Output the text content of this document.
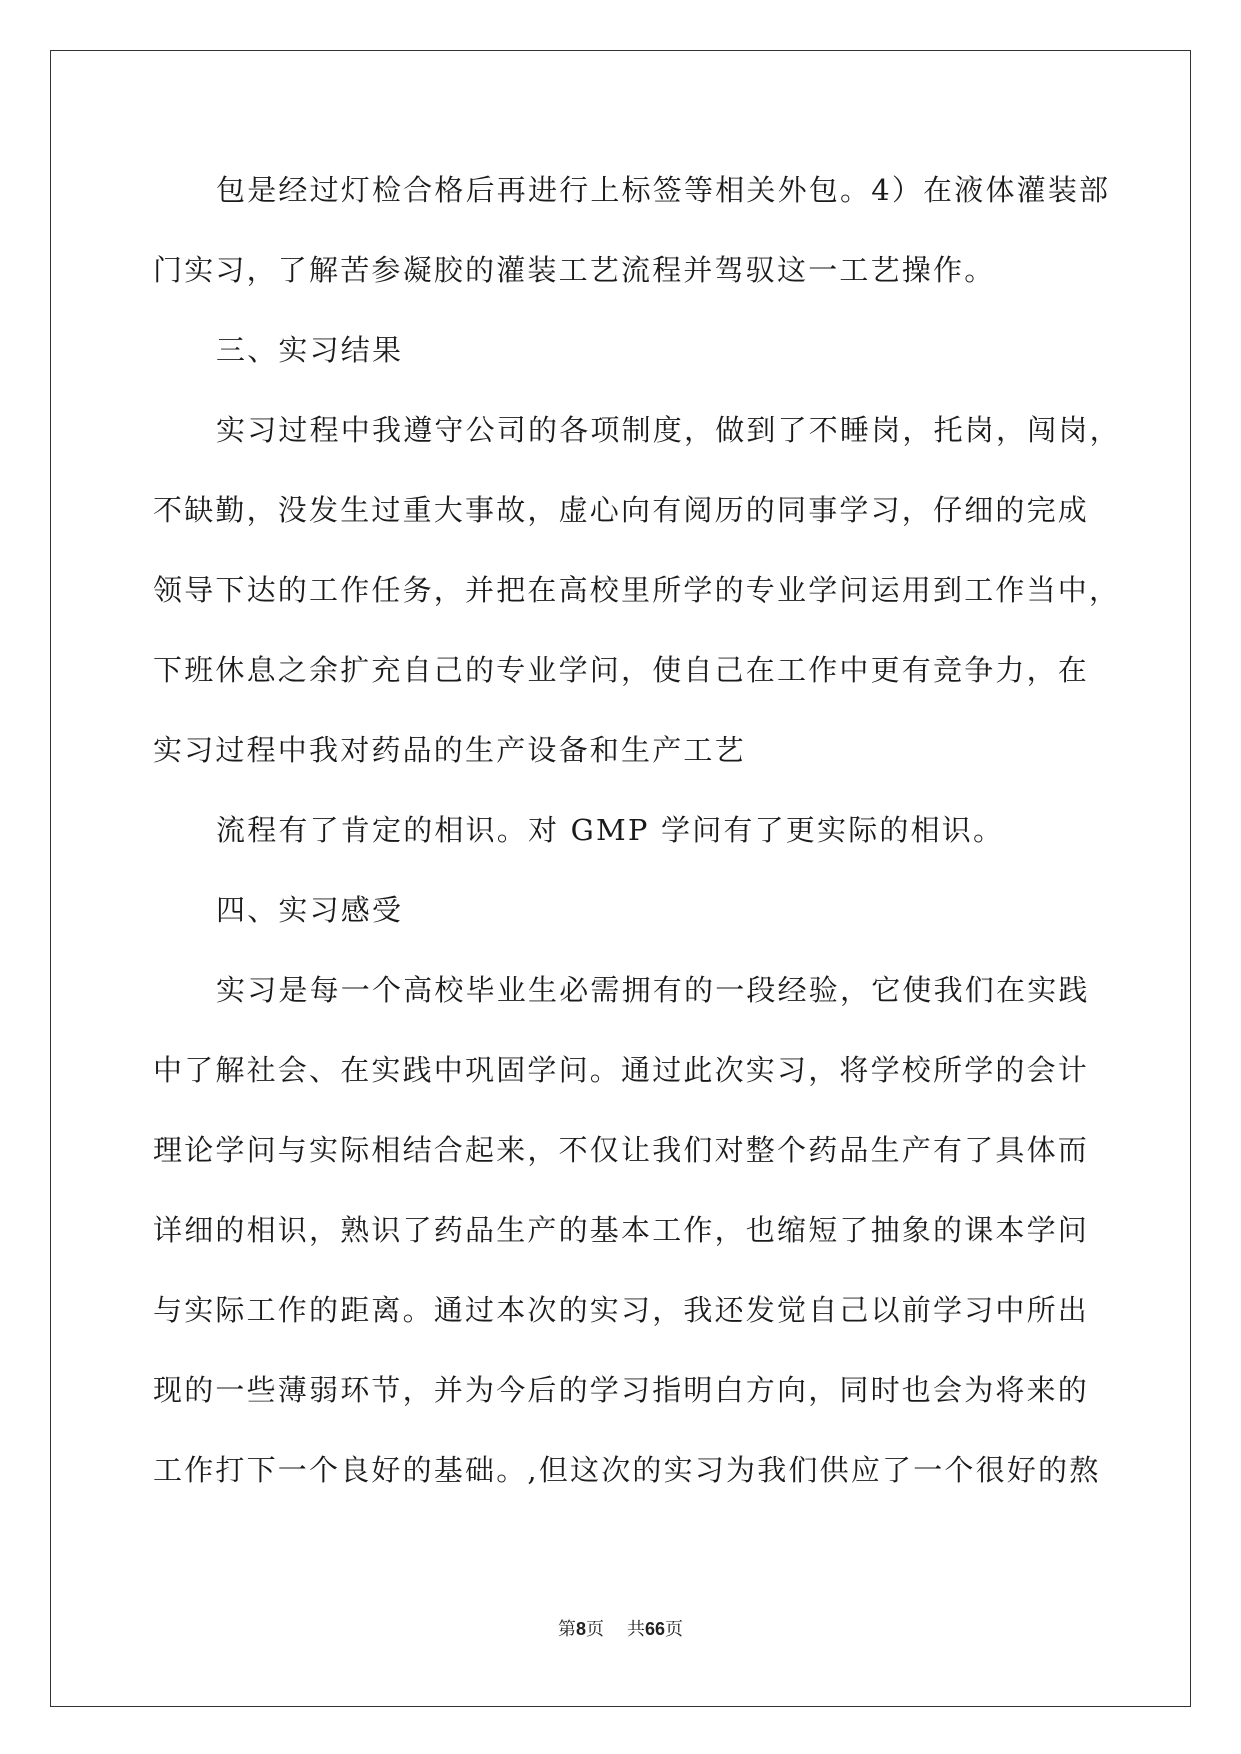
包是经过灯检合格后再进行上标签等相关外包。4）在液体灌装部
门实习，了解苦参凝胶的灌装工艺流程并驾驭这一工艺操作。
三、实习结果
实习过程中我遵守公司的各项制度，做到了不睡岗，托岗，闯岗，
不缺勤，没发生过重大事故，虚心向有阅历的同事学习，仔细的完成
领导下达的工作任务，并把在高校里所学的专业学问运用到工作当中，
下班休息之余扩充自己的专业学问，使自己在工作中更有竞争力，在
实习过程中我对药品的生产设备和生产工艺
流程有了肯定的相识。对 GMP 学问有了更实际的相识。
四、实习感受
实习是每一个高校毕业生必需拥有的一段经验，它使我们在实践
中了解社会、在实践中巩固学问。通过此次实习，将学校所学的会计
理论学问与实际相结合起来，不仅让我们对整个药品生产有了具体而
详细的相识，熟识了药品生产的基本工作，也缩短了抽象的课本学问
与实际工作的距离。通过本次的实习，我还发觉自己以前学习中所出
现的一些薄弱环节，并为今后的学习指明白方向，同时也会为将来的
工作打下一个良好的基础。,但这次的实习为我们供应了一个很好的熬
第8页 共66页
